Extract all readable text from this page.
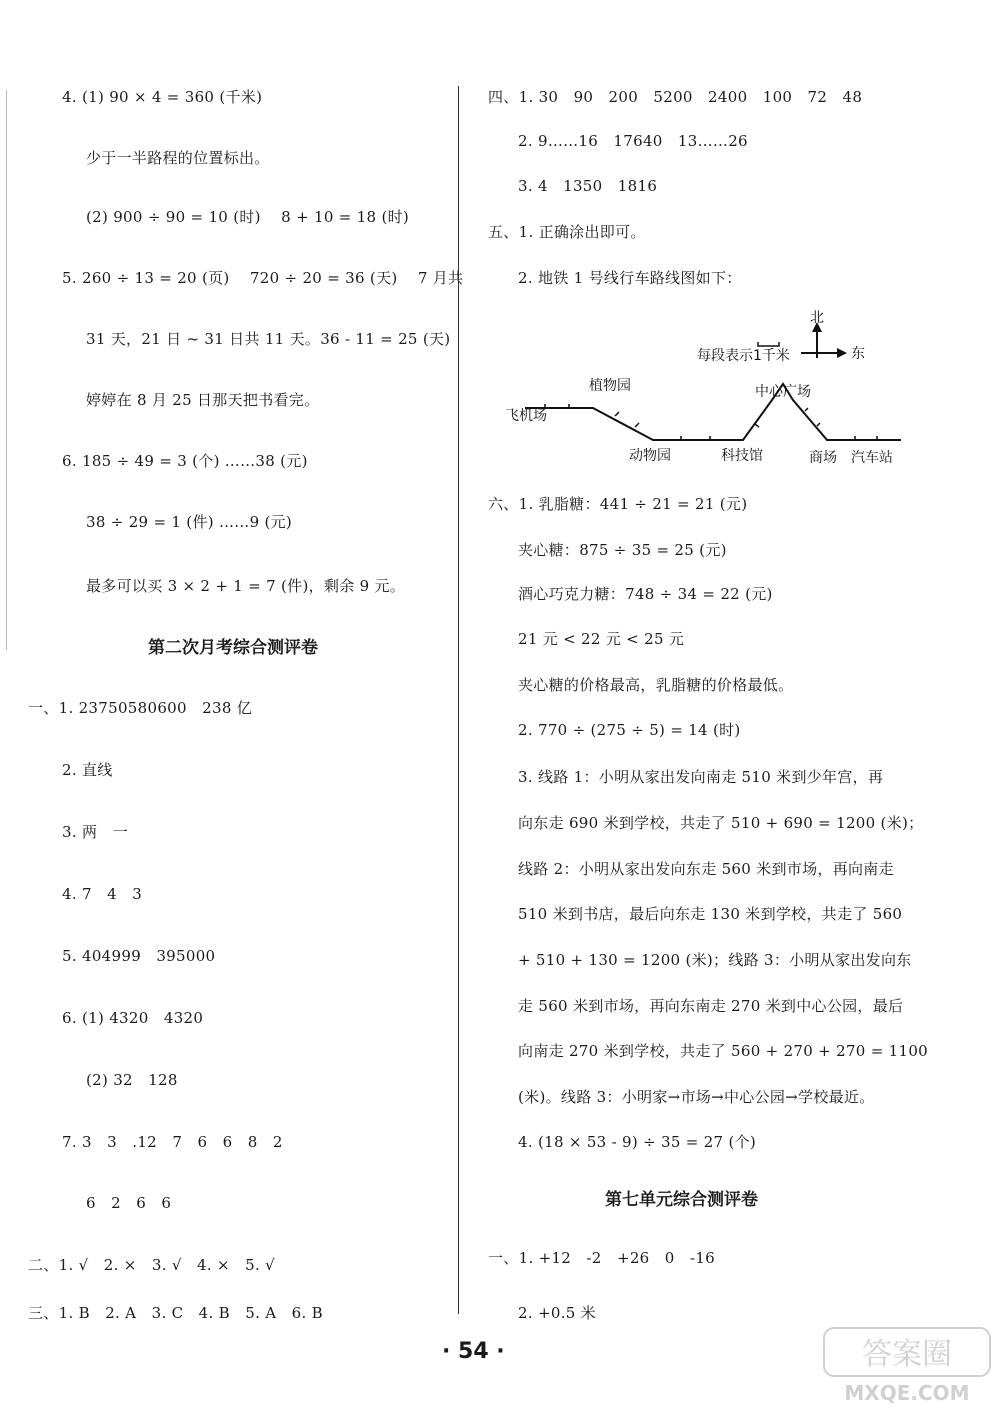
4. (1) 90 × 4 = 360 (千米)
少于一半路程的位置标出。
(2) 900 ÷ 90 = 10 (时)　 8 + 10 = 18 (时)
5. 260 ÷ 13 = 20 (页)　 720 ÷ 20 = 36 (天)　 7 月共
31 天，21 日 ~ 31 日共 11 天。36 - 11 = 25 (天)
婷婷在 8 月 25 日那天把书看完。
6. 185 ÷ 49 = 3 (个) ……38 (元)
38 ÷ 29 = 1 (件) ……9 (元)
最多可以买 3 × 2 + 1 = 7 (件)，剩余 9 元。
第二次月考综合测评卷
一、1. 23750580600　238 亿
2. 直线
3. 两　一
4. 7　4　3
5. 404999　395000
6. (1) 4320　4320
(2) 32　128
7. 3　3　.12　7　6　6　8　2
6　2　6　6
二、1. √　2. ×　3. √　4. ×　5. √
三、1. B　2. A　3. C　4. B　5. A　6. B
四、1. 30　90　200　5200　2400　100　72　48
2. 9……16　17640　13……26
3. 4　1350　1816
五、1. 正确涂出即可。
2. 地铁 1 号线行车路线图如下：
北
东
每段表示1千米
飞机场
植物园
动物园	科技馆
中心广场
商场 汽车站
六、1. 乳脂糖：441 ÷ 21 = 21 (元)
夹心糖：875 ÷ 35 = 25 (元)
酒心巧克力糖：748 ÷ 34 = 22 (元)
21 元 < 22 元 < 25 元
夹心糖的价格最高，乳脂糖的价格最低。
2. 770 ÷ (275 ÷ 5) = 14 (时)
3. 线路 1：小明从家出发向南走 510 米到少年宫，再
向东走 690 米到学校，共走了 510 + 690 = 1200 (米)；
线路 2：小明从家出发向东走 560 米到市场，再向南走
510 米到书店，最后向东走 130 米到学校，共走了 560
+ 510 + 130 = 1200 (米)；线路 3：小明从家出发向东
走 560 米到市场，再向东南走 270 米到中心公园，最后
向南走 270 米到学校，共走了 560 + 270 + 270 = 1100
(米)。线路 3：小明家→市场→中心公园→学校最近。
4. (18 × 53 - 9) ÷ 35 = 27 (个)
第七单元综合测评卷
一、1. +12　-2　+26　0　-16
2. +0.5 米
· 54 ·	答案圈
MXQE.COM
